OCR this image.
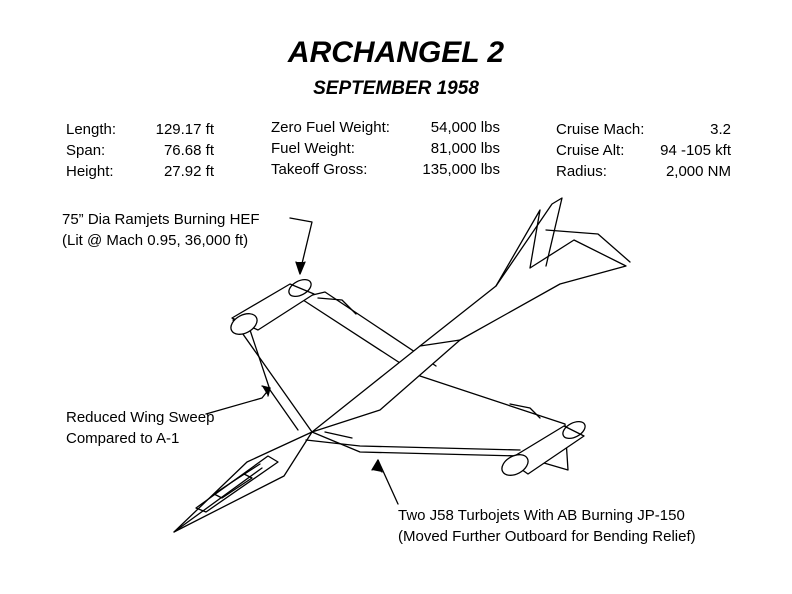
ARCHANGEL 2
SEPTEMBER 1958
Length:	129.17 ft
Span:	76.68 ft
Height:	27.92 ft
Zero Fuel Weight:	54,000 lbs
Fuel Weight:	81,000 lbs
Takeoff Gross:	135,000 lbs
Cruise Mach:	3.2
Cruise Alt:	94 -105 kft
Radius:	2,000 NM
75” Dia Ramjets Burning HEF
(Lit @ Mach 0.95, 36,000 ft)
Reduced Wing Sweep
Compared to A-1
Two J58 Turbojets With AB Burning JP-150
(Moved Further Outboard for Bending Relief)
